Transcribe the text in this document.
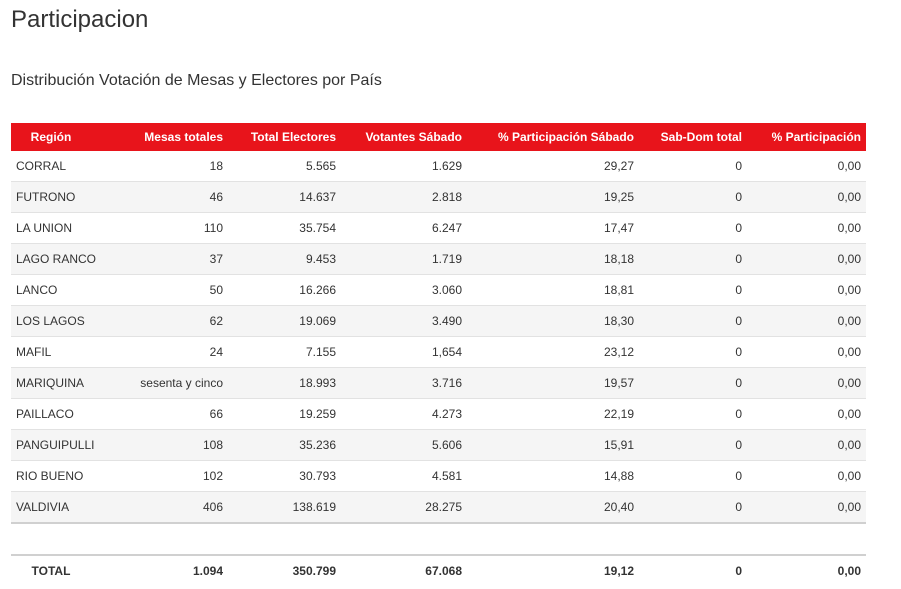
Participacion

Distribución Votación de Mesas y Electores por País

Región	Mesas totales	Total Electores	Votantes Sábado	% Participación Sábado	Sab-Dom total	% Participación
CORRAL	18	5.565	1.629	29,27	0	0,00
FUTRONO	46	14.637	2.818	19,25	0	0,00
LA UNION	110	35.754	6.247	17,47	0	0,00
LAGO RANCO	37	9.453	1.719	18,18	0	0,00
LANCO	50	16.266	3.060	18,81	0	0,00
LOS LAGOS	62	19.069	3.490	18,30	0	0,00
MAFIL	24	7.155	1,654	23,12	0	0,00
MARIQUINA	sesenta y cinco	18.993	3.716	19,57	0	0,00
PAILLACO	66	19.259	4.273	22,19	0	0,00
PANGUIPULLI	108	35.236	5.606	15,91	0	0,00
RIO BUENO	102	30.793	4.581	14,88	0	0,00
VALDIVIA	406	138.619	28.275	20,40	0	0,00

TOTAL	1.094	350.799	67.068	19,12	0	0,00
